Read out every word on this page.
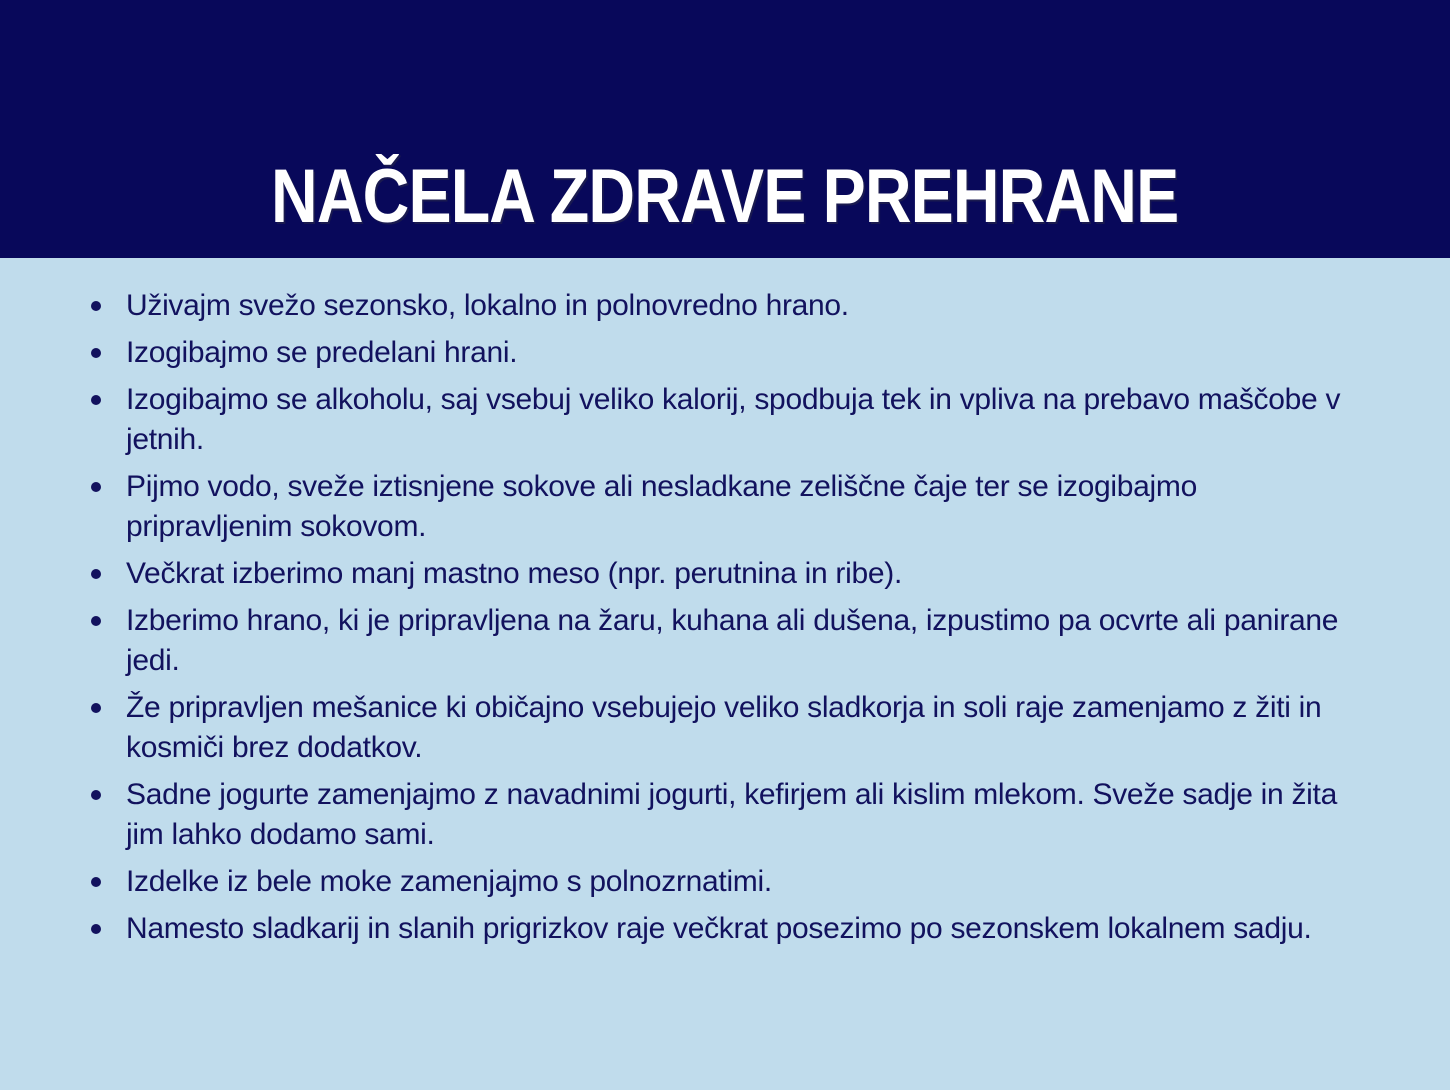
NAČELA ZDRAVE PREHRANE
Uživajm svežo sezonsko, lokalno in polnovredno hrano.
Izogibajmo se predelani hrani.
Izogibajmo se alkoholu, saj vsebuj veliko kalorij, spodbuja tek in vpliva na prebavo maščobe v jetnih.
Pijmo vodo, sveže iztisnjene sokove ali nesladkane zeliščne čaje ter se izogibajmo pripravljenim sokovom.
Večkrat izberimo manj mastno meso (npr. perutnina in ribe).
Izberimo hrano, ki je pripravljena na žaru, kuhana ali dušena, izpustimo pa ocvrte ali panirane jedi.
Že pripravljen mešanice ki običajno vsebujejo veliko sladkorja in soli raje zamenjamo z žiti in kosmiči brez dodatkov.
Sadne jogurte zamenjajmo z navadnimi jogurti, kefirjem ali kislim mlekom. Sveže sadje in žita jim lahko dodamo sami.
Izdelke iz bele moke zamenjajmo s polnozrnatimi.
Namesto sladkarij in slanih prigrizkov raje večkrat posezimo po sezonskem lokalnem sadju.
